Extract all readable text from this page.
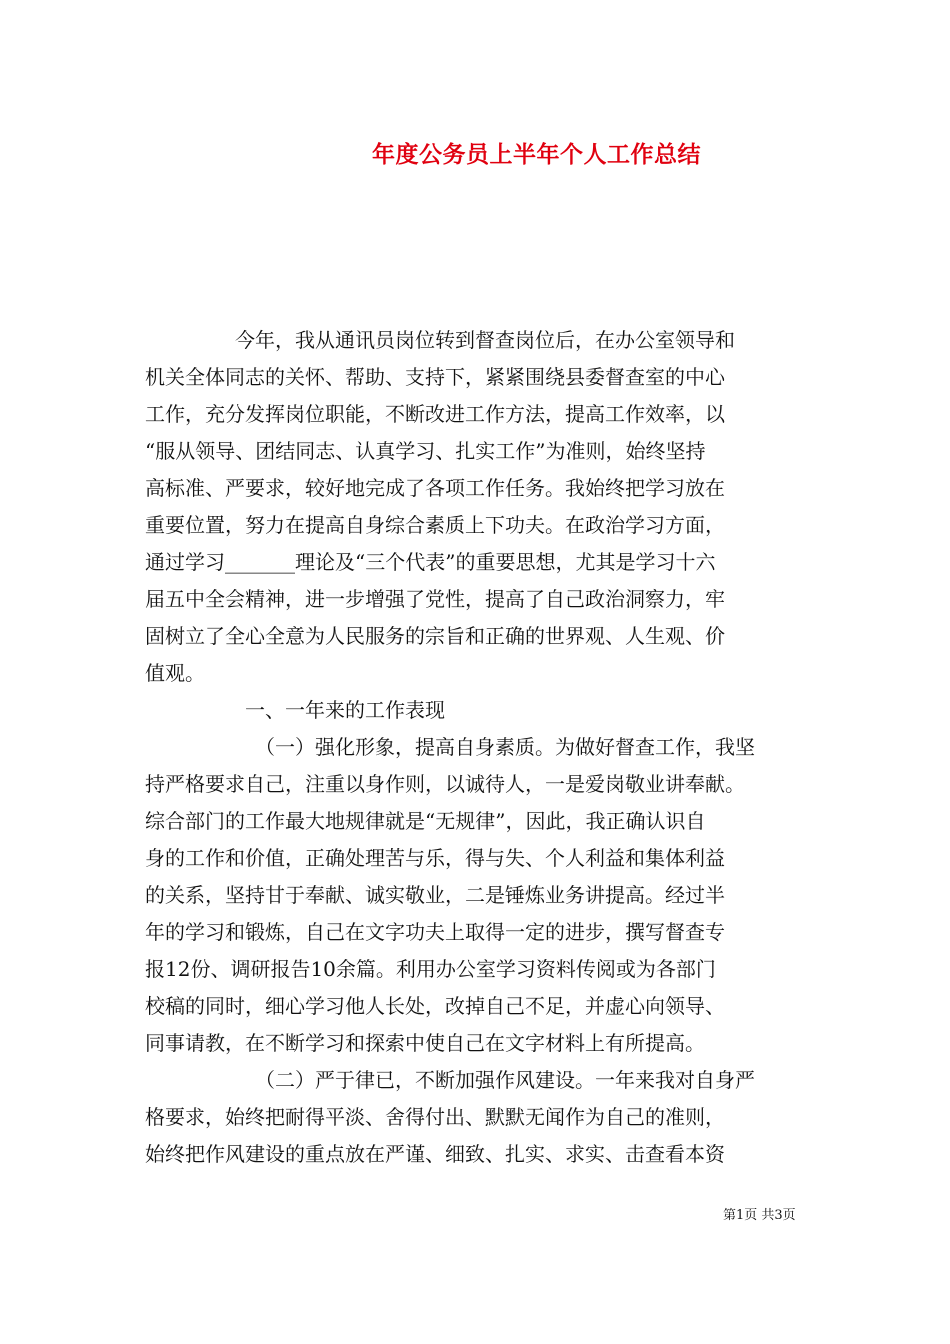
年度公务员上半年个人工作总结
今年，我从通讯员岗位转到督查岗位后，在办公室领导和
机关全体同志的关怀、帮助、支持下，紧紧围绕县委督查室的中心
工作，充分发挥岗位职能，不断改进工作方法，提高工作效率，以
“服从领导、团结同志、认真学习、扎实工作”为准则，始终坚持
高标准、严要求，较好地完成了各项工作任务。我始终把学习放在
重要位置，努力在提高自身综合素质上下功夫。在政治学习方面，
通过学习_______理论及“三个代表”的重要思想，尤其是学习十六
届五中全会精神，进一步增强了党性，提高了自己政治洞察力，牢
固树立了全心全意为人民服务的宗旨和正确的世界观、人生观、价
值观。
一、一年来的工作表现
（一）强化形象，提高自身素质。为做好督查工作，我坚
持严格要求自己，注重以身作则，以诚待人，一是爱岗敬业讲奉献。
综合部门的工作最大地规律就是“无规律”，因此，我正确认识自
身的工作和价值，正确处理苦与乐，得与失、个人利益和集体利益
的关系，坚持甘于奉献、诚实敬业，二是锤炼业务讲提高。经过半
年的学习和锻炼，自己在文字功夫上取得一定的进步，撰写督查专
报12份、调研报告10余篇。利用办公室学习资料传阅或为各部门
校稿的同时，细心学习他人长处，改掉自己不足，并虚心向领导、
同事请教，在不断学习和探索中使自己在文字材料上有所提高。
（二）严于律已，不断加强作风建设。一年来我对自身严
格要求，始终把耐得平淡、舍得付出、默默无闻作为自己的准则，
始终把作风建设的重点放在严谨、细致、扎实、求实、击查看本资
第1页 共3页
